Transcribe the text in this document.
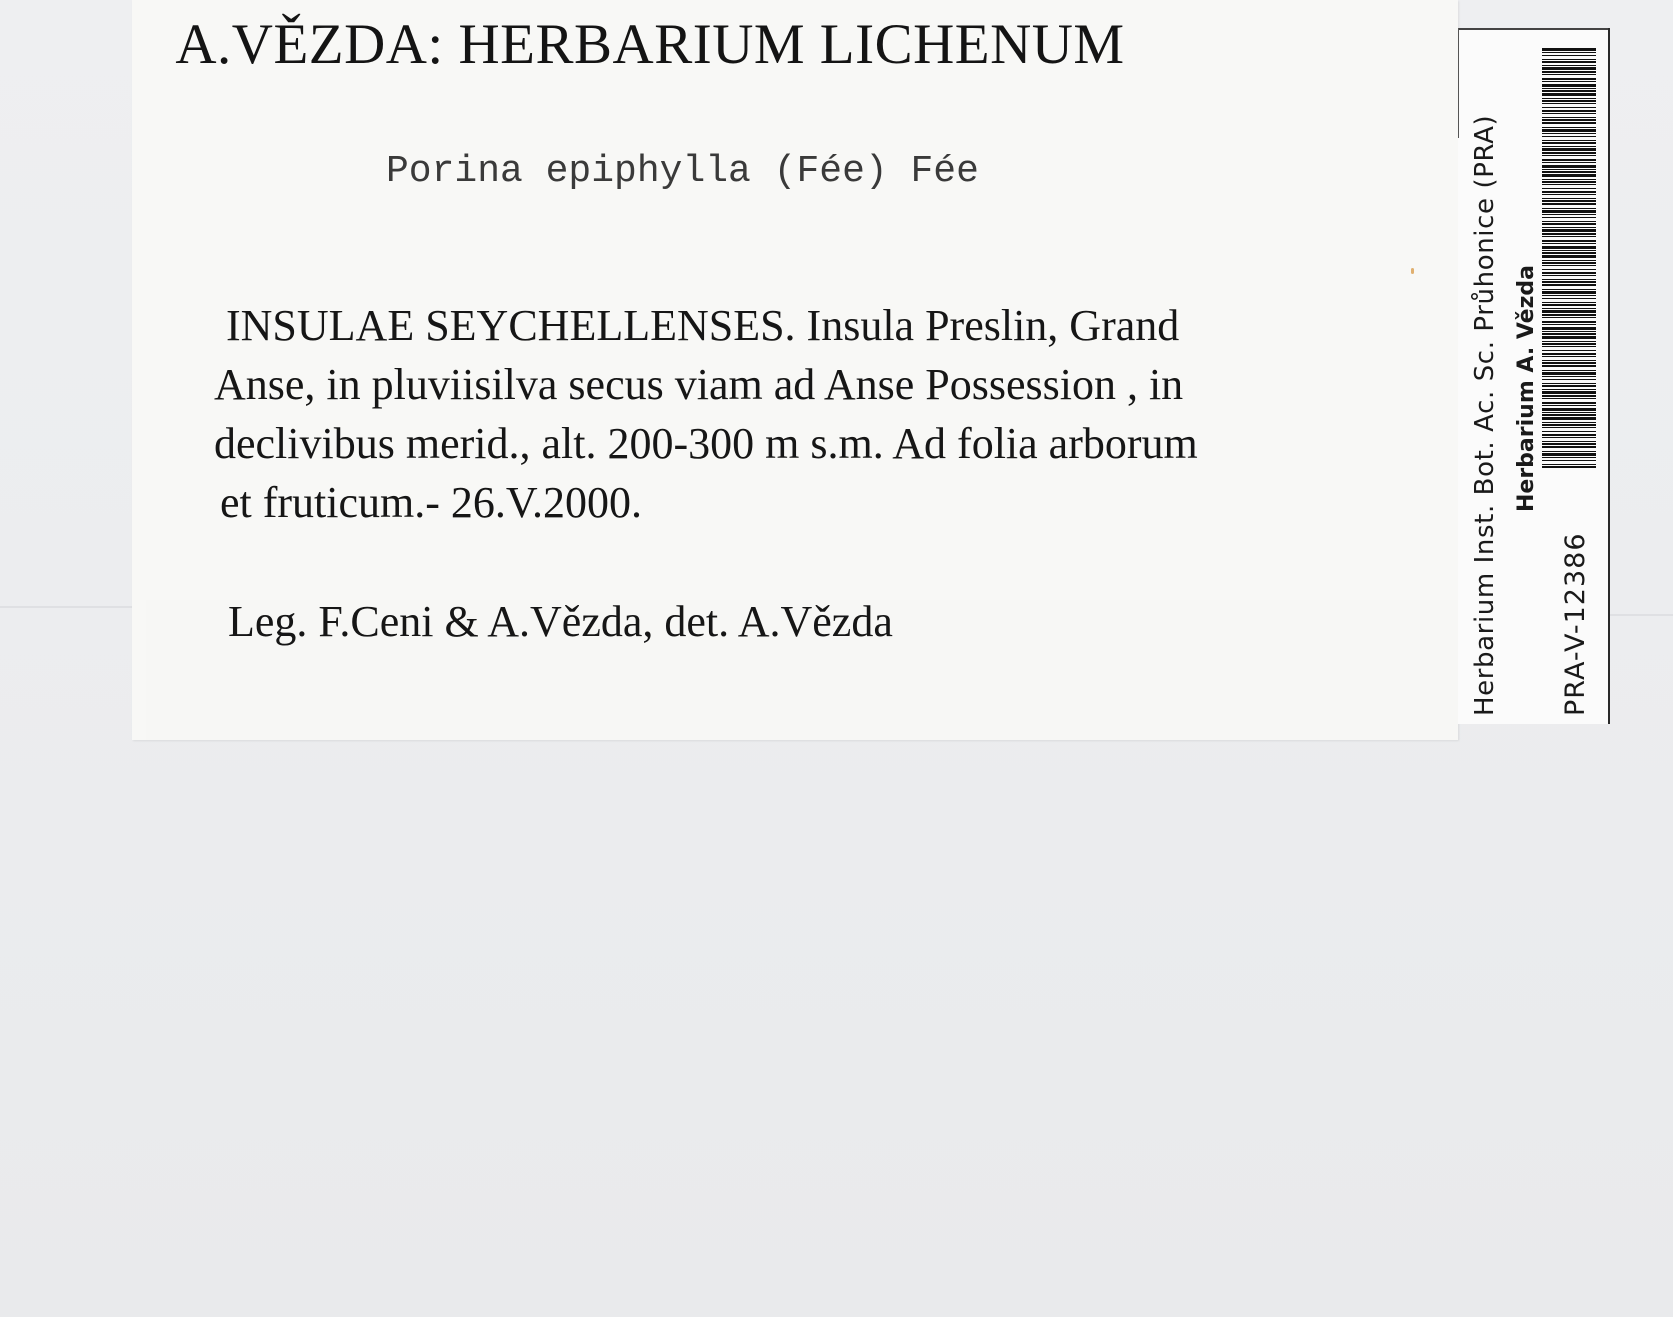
A.VĚZDA: HERBARIUM LICHENUM
Porina epiphylla (Fée) Fée
INSULAE SEYCHELLENSES. Insula Preslin, Grand
Anse, in pluviisilva secus viam ad Anse Possession , in
declivibus merid., alt. 200-300 m s.m. Ad folia arborum
et fruticum.- 26.V.2000.
Leg. F.Ceni & A.Vězda, det. A.Vězda	Herbarium Inst. Bot. Ac. Sc. Průhonice (PRA) Herbarium A. Vězda
PRA-V-12386
